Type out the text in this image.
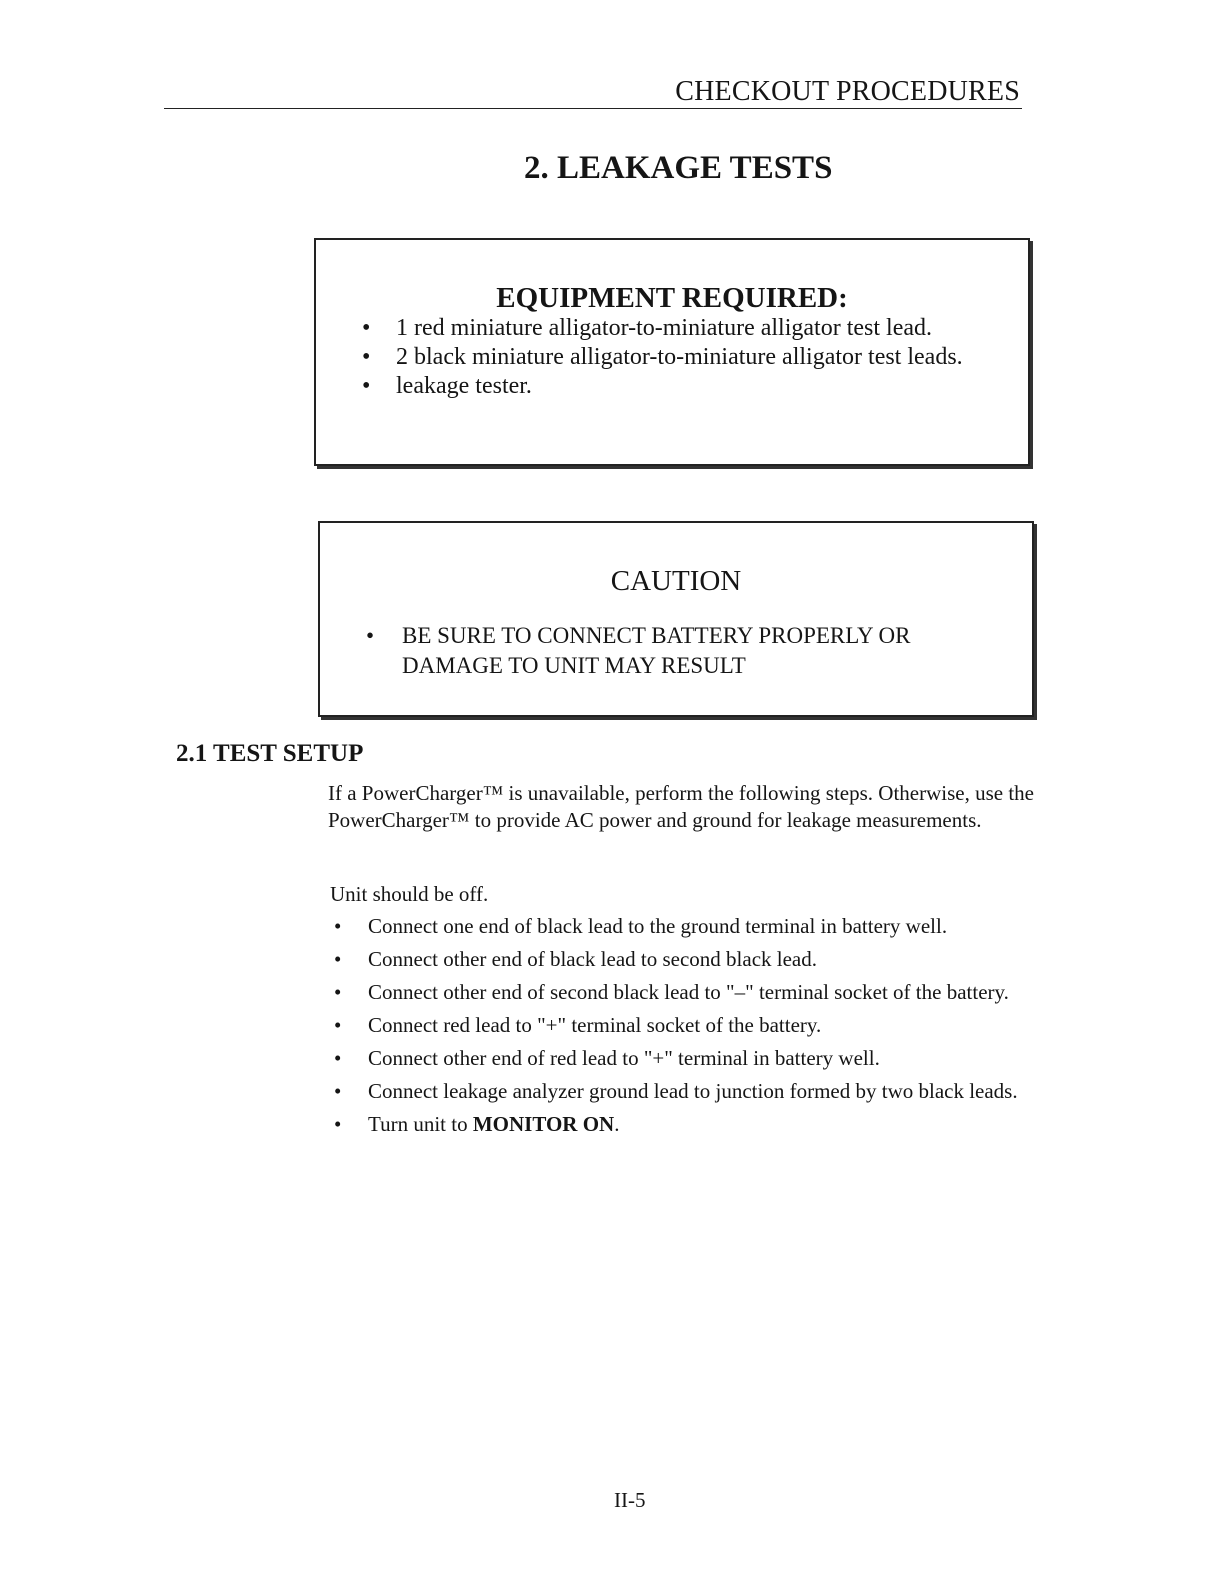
CHECKOUT PROCEDURES
2. LEAKAGE TESTS
EQUIPMENT REQUIRED:
• 1 red miniature alligator-to-miniature alligator test lead.
• 2 black miniature alligator-to-miniature alligator test leads.
• leakage tester.
CAUTION
• BE SURE TO CONNECT BATTERY PROPERLY OR DAMAGE TO UNIT MAY RESULT
2.1 TEST SETUP

If a PowerCharger™ is unavailable, perform the following steps. Otherwise, use the PowerCharger™ to provide AC power and ground for leakage measurements.

Unit should be off.

• Connect one end of black lead to the ground terminal in battery well.
• Connect other end of black lead to second black lead.
• Connect other end of second black lead to "–" terminal socket of the battery.
• Connect red lead to "+" terminal socket of the battery.
• Connect other end of red lead to "+" terminal in battery well.
• Connect leakage analyzer ground lead to junction formed by two black leads.
• Turn unit to MONITOR ON.
II-5
